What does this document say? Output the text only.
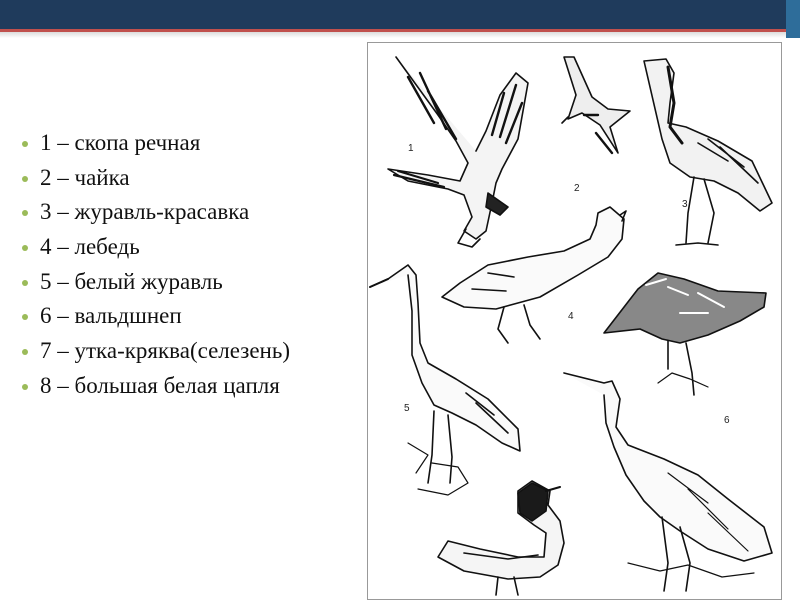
1 – скопа речная
2 – чайка
3 – журавль-красавка
4 – лебедь
5 – белый журавль
6 – вальдшнеп
7 – утка-кряква(селезень)
8 – большая белая цапля
1
2
3
4
5
6
